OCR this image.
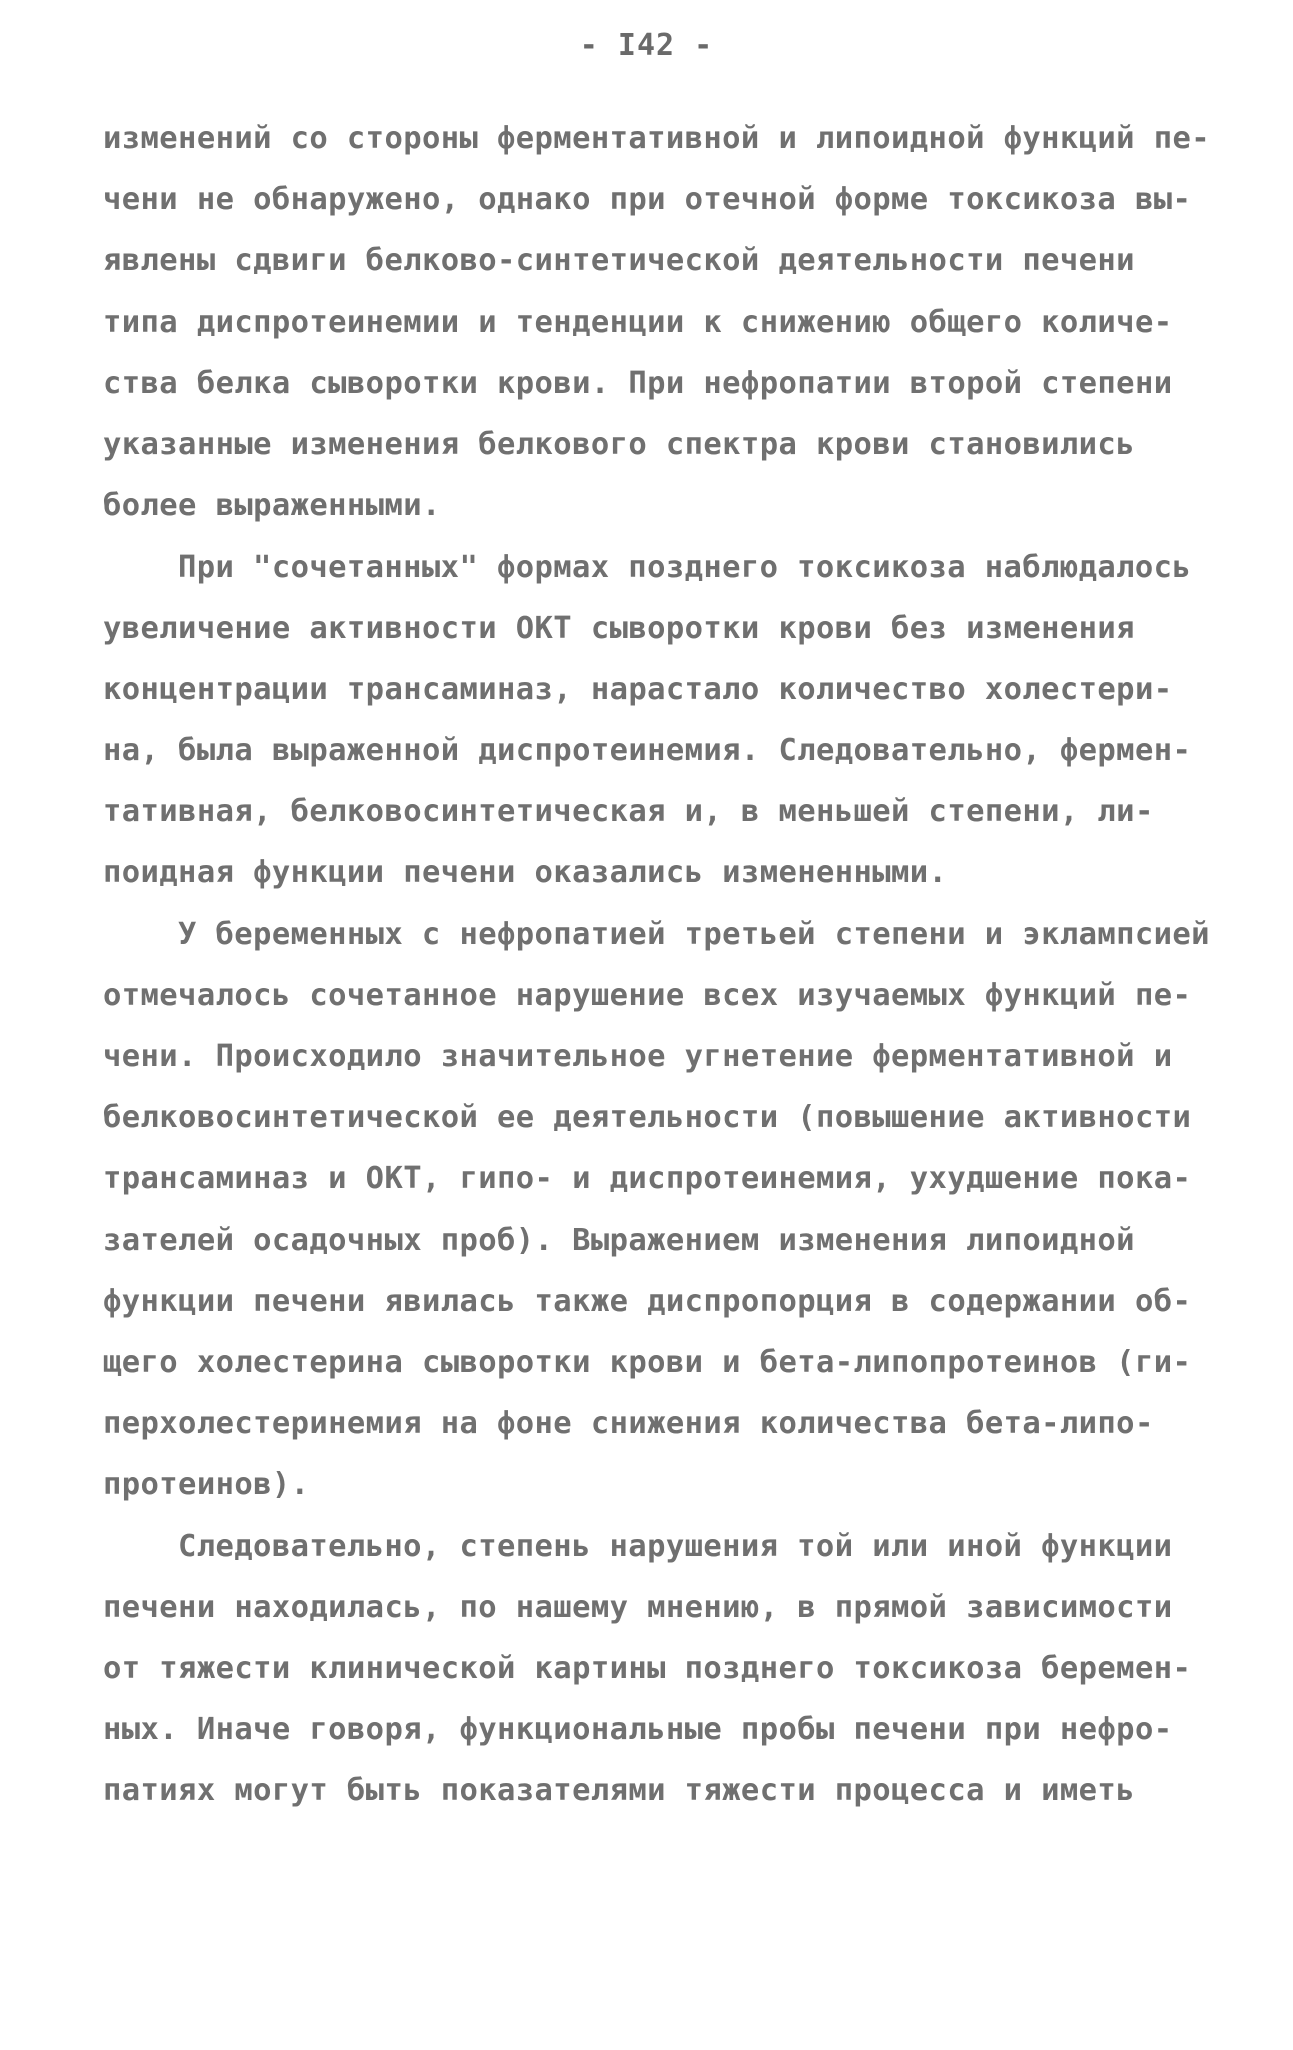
- I42 -
изменений со стороны ферментативной и липоидной функций пе-
чени не обнаружено, однако при отечной форме токсикоза вы-
явлены сдвиги белково-синтетической деятельности печени
типа диспротеинемии и тенденции к снижению общего количе-
ства белка сыворотки крови. При нефропатии второй степени
указанные изменения белкового спектра крови становились
более выраженными.
При "сочетанных" формах позднего токсикоза наблюдалось
увеличение активности ОКТ сыворотки крови без изменения
концентрации трансаминаз, нарастало количество холестери-
на, была выраженной диспротеинемия. Следовательно, фермен-
тативная, белковосинтетическая и, в меньшей степени, ли-
поидная функции печени оказались измененными.
У беременных с нефропатией третьей степени и эклампсией
отмечалось сочетанное нарушение всех изучаемых функций пе-
чени. Происходило значительное угнетение ферментативной и
белковосинтетической ее деятельности (повышение активности
трансаминаз и ОКТ, гипо- и диспротеинемия, ухудшение пока-
зателей осадочных проб). Выражением изменения липоидной
функции печени явилась также диспропорция в содержании об-
щего холестерина сыворотки крови и бета-липопротеинов (ги-
перхолестеринемия на фоне снижения количества бета-липо-
протеинов).
Следовательно, степень нарушения той или иной функции
печени находилась, по нашему мнению, в прямой зависимости
от тяжести клинической картины позднего токсикоза беремен-
ных. Иначе говоря, функциональные пробы печени при нефро-
патиях могут быть показателями тяжести процесса и иметь
